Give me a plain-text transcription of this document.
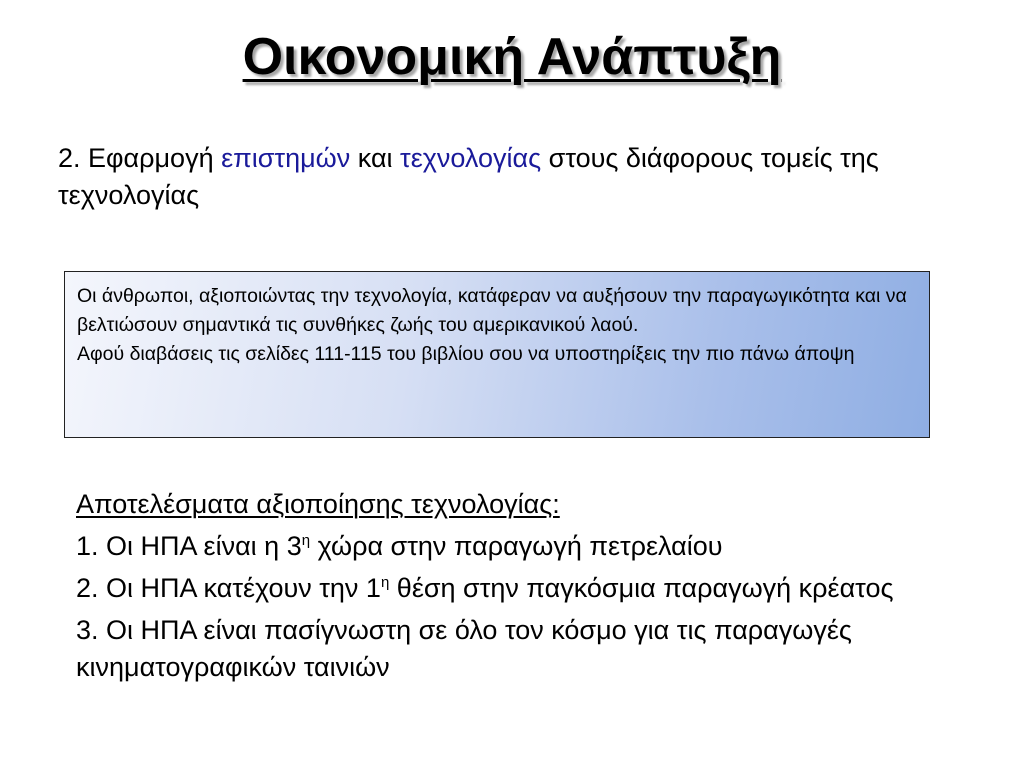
Οικονομική Ανάπτυξη
2. Εφαρμογή επιστημών και τεχνολογίας στους διάφορους τομείς της τεχνολογίας

Οι άνθρωποι, αξιοποιώντας την τεχνολογία, κατάφεραν να αυξήσουν την παραγωγικότητα και να βελτιώσουν σημαντικά τις συνθήκες ζωής του αμερικανικού λαού.

Αφού διαβάσεις τις σελίδες 111-115 του βιβλίου σου να υποστηρίξεις την πιο πάνω άποψη

Αποτελέσματα αξιοποίησης τεχνολογίας:
1. Οι ΗΠΑ είναι η $3^\eta$ χώρα στην παραγωγή πετρελαίου
2. Οι ΗΠΑ κατέχουν την $1^\eta$ θέση στην παγκόσμια παραγωγή κρέατος
3. Οι ΗΠΑ είναι πασίγνωστη σε όλο τον κόσμο για τις παραγωγές κινηματογραφικών ταινιών
